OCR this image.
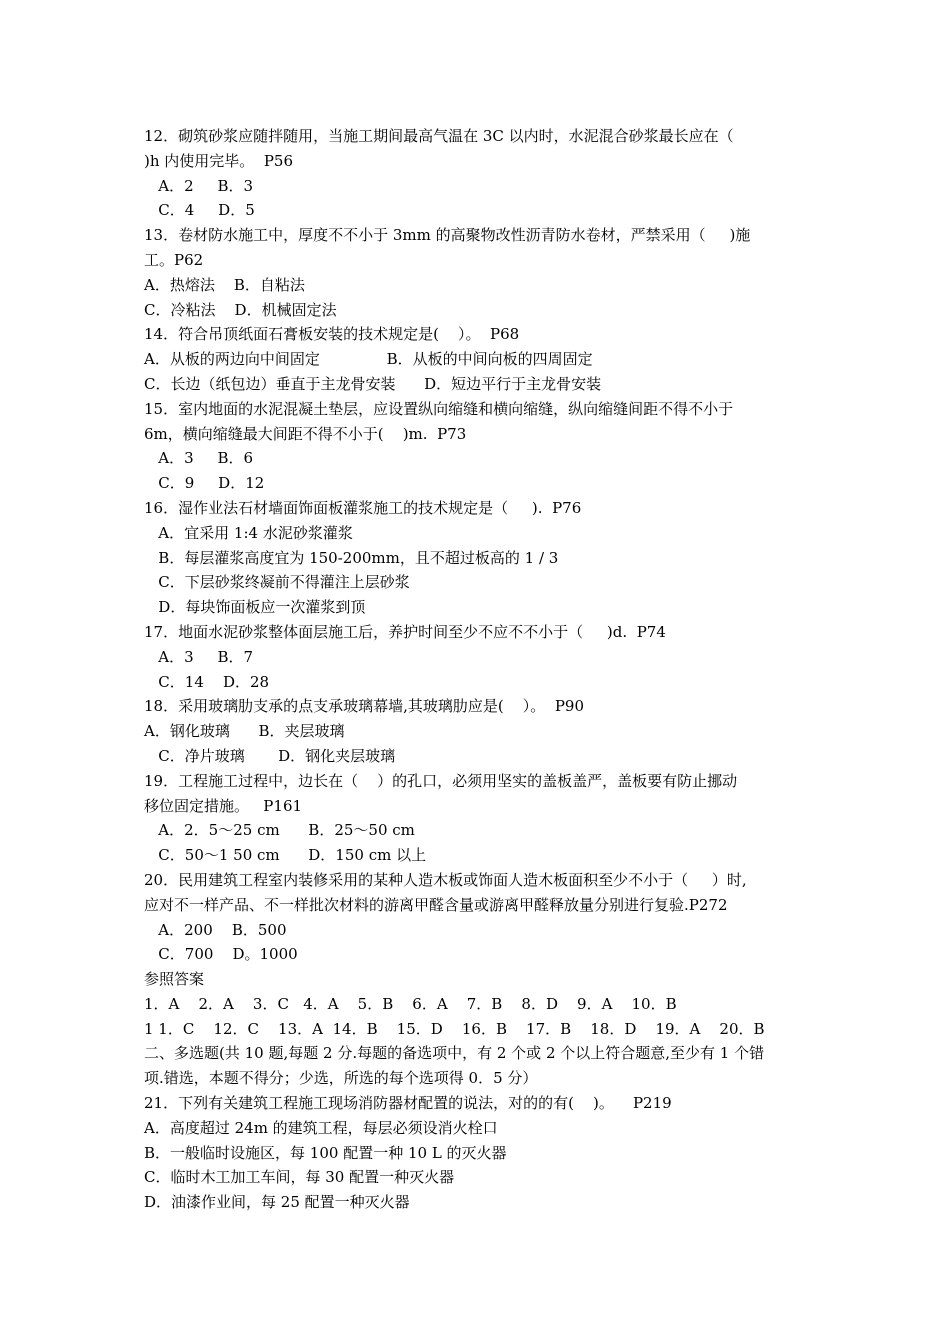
12．砌筑砂浆应随拌随用，当施工期间最高气温在 3C 以内时，水泥混合砂浆最长应在（
)h 内使用完毕。  P56
A．2     B．3
C．4     D．5
13．卷材防水施工中，厚度不不小于 3mm 的高聚物改性沥青防水卷材，严禁采用（     )施
工。P62
A．热熔法    B．自粘法
C．冷粘法    D．机械固定法
14．符合吊顶纸面石膏板安装的技术规定是(    ）。  P68
A．从板的两边向中间固定              B．从板的中间向板的四周固定
C．长边（纸包边）垂直于主龙骨安装      D．短边平行于主龙骨安装
15．室内地面的水泥混凝土垫层，应设置纵向缩缝和横向缩缝，纵向缩缝间距不得不小于
6m，横向缩缝最大间距不得不小于(    )m.  P73
A．3     B．6
C．9     D．12
16．湿作业法石材墙面饰面板灌浆施工的技术规定是（     ).  P76
A．宜采用 1:4 水泥砂浆灌浆
B．每层灌浆高度宜为 150-200mm，且不超过板高的 1 / 3
C．下层砂浆终凝前不得灌注上层砂浆
D．每块饰面板应一次灌浆到顶
17．地面水泥砂浆整体面层施工后，养护时间至少不应不不小于（     )d.  P74
A．3     B．7
C．14    D．28
18．采用玻璃肋支承的点支承玻璃幕墙,其玻璃肋应是(    ）。  P90
A．钢化玻璃      B．夹层玻璃
C．净片玻璃       D．钢化夹层玻璃
19．工程施工过程中，边长在（    ）的孔口，必须用坚实的盖板盖严，盖板要有防止挪动
移位固定措施。   P161
A．2．5～25 cm      B．25～50 cm
C．50～1 50 cm      D．150 cm 以上
20．民用建筑工程室内装修采用的某种人造木板或饰面人造木板面积至少不小于（     ）时,
应对不一样产品、不一样批次材料的游离甲醛含量或游离甲醛释放量分别进行复验.P272
A．200    B．500
C．700    D。1000
参照答案
1．A    2．A    3．C   4．A    5．B    6．A    7．B    8．D    9．A    10．B
1 1．C    12．C    13．A  14．B    15．D    16．B    17．B    18．D    19．A    20．B
二、多选题(共 10 题,每题 2 分.每题的备选项中，有 2 个或 2 个以上符合题意,至少有 1 个错
项.错选，本题不得分；少选，所选的每个选项得 0．5 分）
21．下列有关建筑工程施工现场消防器材配置的说法，对的的有(    )。    P219
A．高度超过 24m 的建筑工程，每层必须设消火栓口
B．一般临时设施区，每 100 配置一种 10 L 的灭火器
C．临时木工加工车间，每 30 配置一种灭火器
D．油漆作业间，每 25 配置一种灭火器
